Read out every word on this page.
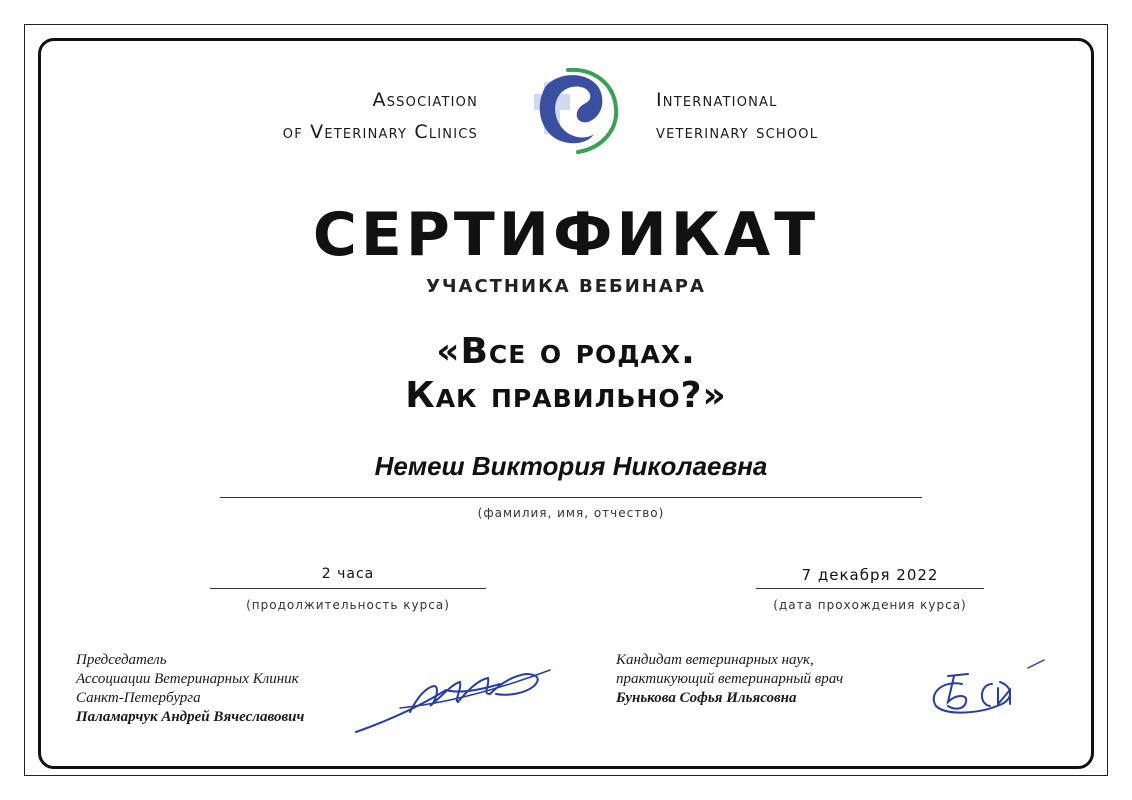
Association
of Veterinary Clinics
International
veterinary school
СЕРТИФИКАТ
УЧАСТНИКА ВЕБИНАРА
«Все о родах.
Как правильно?»
Немеш Виктория Николаевна
(фамилия, имя, отчество)
2 часа
(продолжительность курса)
7 декабря 2022
(дата прохождения курса)
Председатель
Ассоциации Ветеринарных Клиник
Санкт-Петербурга
Паламарчук Андрей Вячеславович
Кандидат ветеринарных наук,
практикующий ветеринарный врач
Бунькова Софья Ильясовна
